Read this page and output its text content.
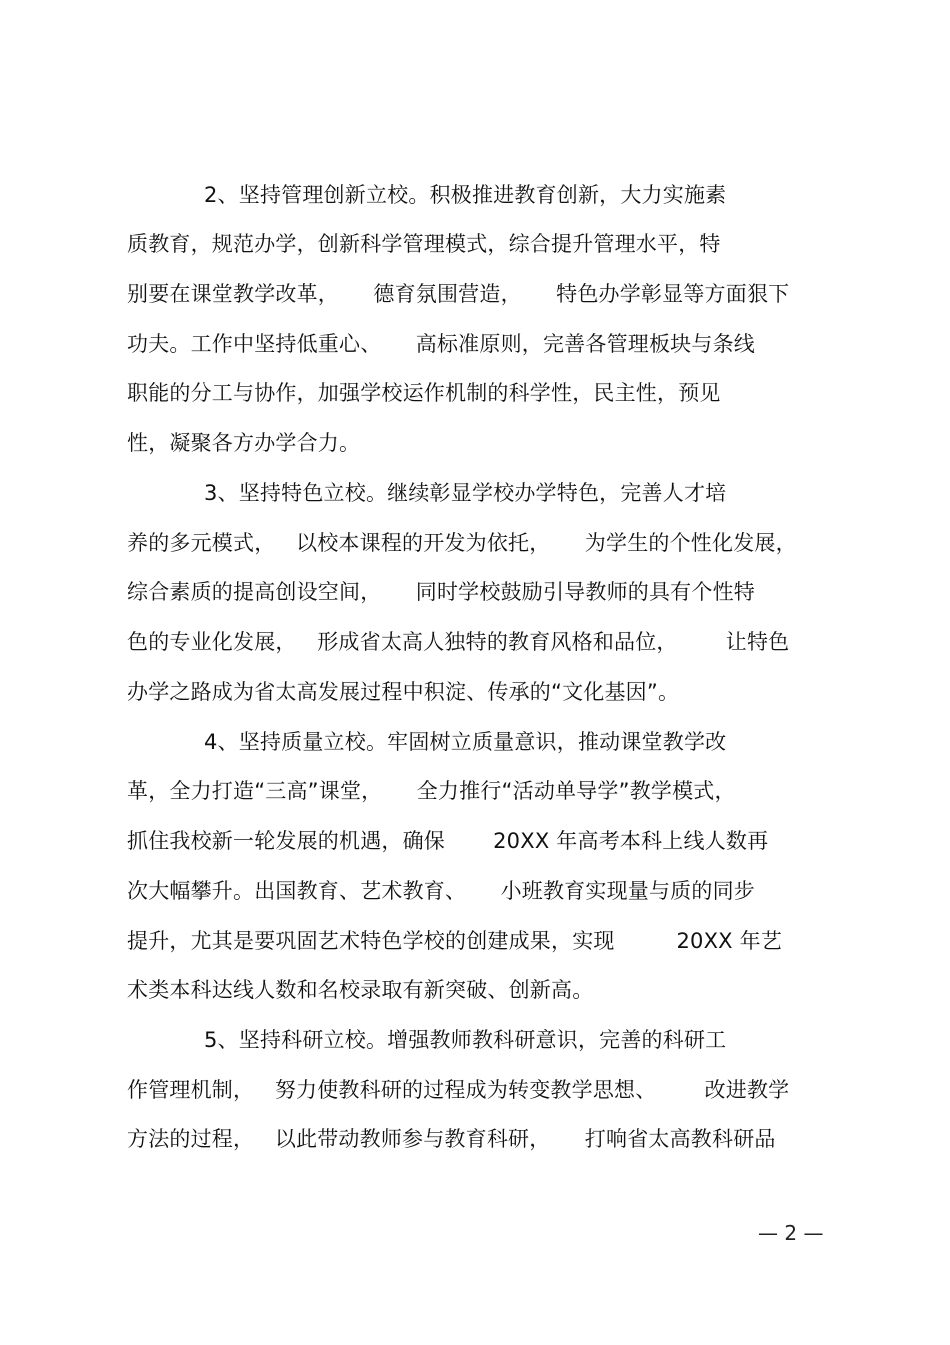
2、坚持管理创新立校。积极推进教育创新，大力实施素
质教育，规范办学，创新科学管理模式，综合提升管理水平，特
别要在课堂教学改革，     德育氛围营造，     特色办学彰显等方面狠下
功夫。工作中坚持低重心、     高标准原则，完善各管理板块与条线
职能的分工与协作，加强学校运作机制的科学性，民主性，预见
性，凝聚各方办学合力。
3、坚持特色立校。继续彰显学校办学特色，完善人才培
养的多元模式，   以校本课程的开发为依托，     为学生的个性化发展，
综合素质的提高创设空间，     同时学校鼓励引导教师的具有个性特
色的专业化发展，   形成省太高人独特的教育风格和品位，       让特色
办学之路成为省太高发展过程中积淀、传承的“文化基因”。
4、坚持质量立校。牢固树立质量意识，推动课堂教学改
革，全力打造“三高”课堂，     全力推行“活动单导学”教学模式，
抓住我校新一轮发展的机遇，确保       20XX 年高考本科上线人数再
次大幅攀升。出国教育、艺术教育、     小班教育实现量与质的同步
提升，尤其是要巩固艺术特色学校的创建成果，实现         20XX 年艺
术类本科达线人数和名校录取有新突破、创新高。
5、坚持科研立校。增强教师教科研意识，完善的科研工
作管理机制，   努力使教科研的过程成为转变教学思想、       改进教学
方法的过程，   以此带动教师参与教育科研，     打响省太高教科研品
— 2 —
